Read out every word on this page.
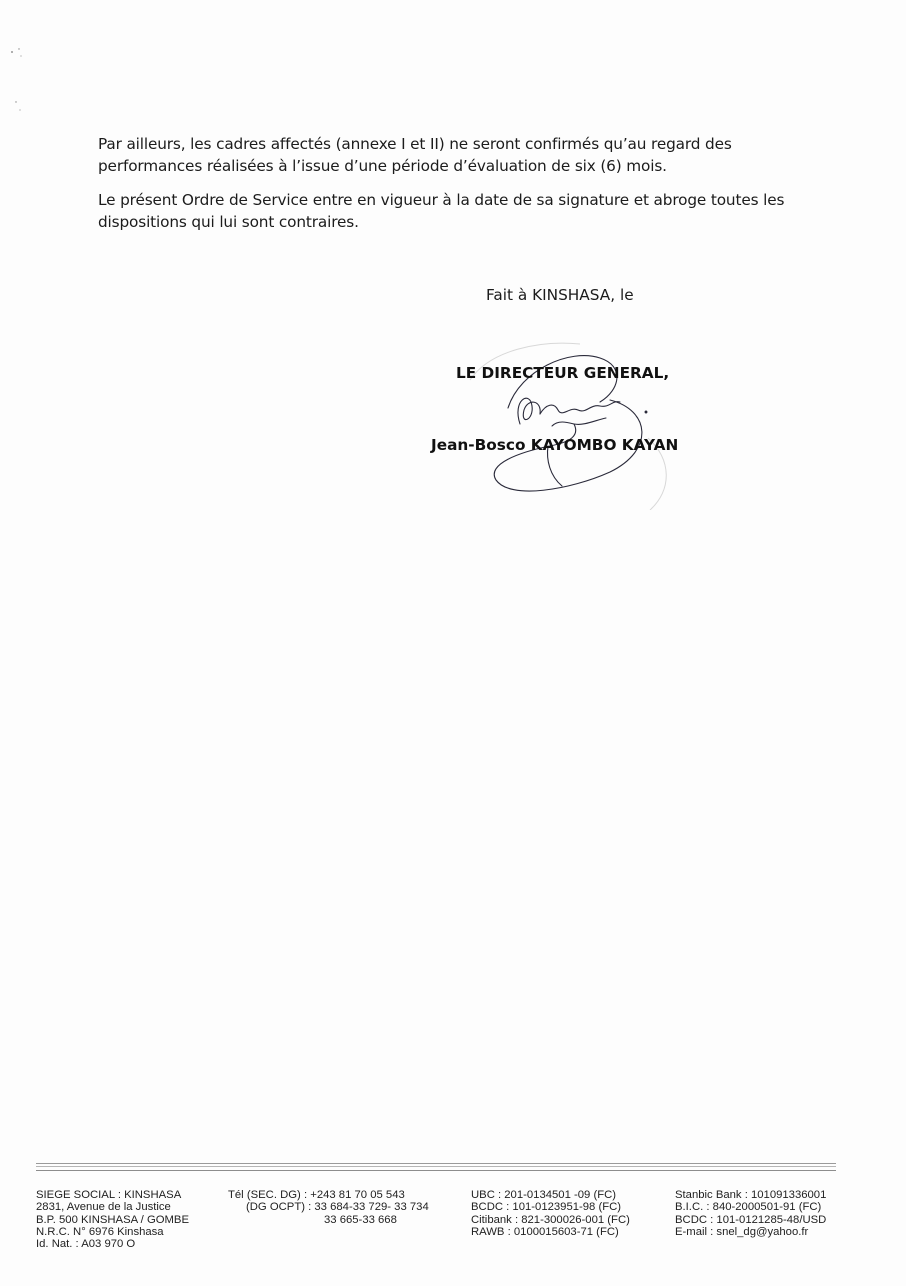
Par ailleurs, les cadres affectés (annexe I et II) ne seront confirmés qu’au regard des performances réalisées à l’issue d’une période d’évaluation de six (6) mois.

Le présent Ordre de Service entre en vigueur à la date de sa signature et abroge toutes les dispositions qui lui sont contraires.

Fait à KINSHASA, le
LE DIRECTEUR GENERAL,
Jean-Bosco KAYOMBO KAYAN
SIEGE SOCIAL : KINSHASA
2831, Avenue de la Justice
B.P. 500 KINSHASA / GOMBE
N.R.C. N° 6976 Kinshasa
Id. Nat. : A03 970 O
Tél (SEC. DG) : +243 81 70 05 543
(DG OCPT) : 33 684-33 729- 33 734
33 665-33 668
UBC : 201-0134501 -09 (FC)
BCDC : 101-0123951-98 (FC)
Citibank : 821-300026-001 (FC)
RAWB : 0100015603-71 (FC)
Stanbic Bank : 101091336001
B.I.C. : 840-2000501-91 (FC)
BCDC : 101-0121285-48/USD
E-mail : snel_dg@yahoo.fr
